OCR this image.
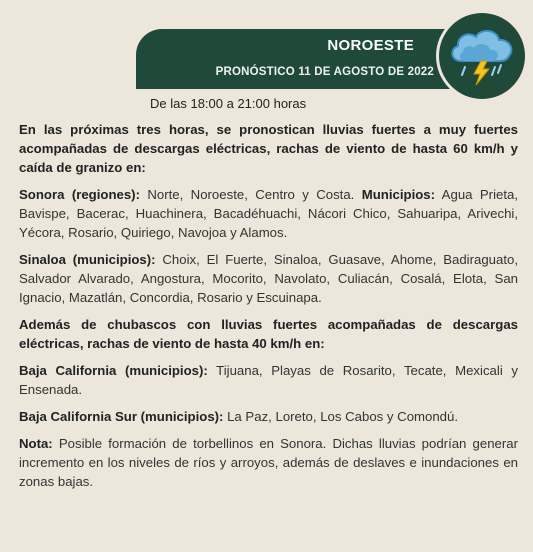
NOROESTE
PRONÓSTICO 11 DE AGOSTO DE 2022
De las 18:00 a 21:00 horas

En las próximas tres horas, se pronostican lluvias fuertes a muy fuertes acompañadas de descargas eléctricas, rachas de viento de hasta 60 km/h y caída de granizo en:

Sonora (regiones): Norte, Noroeste, Centro y Costa. Municipios: Agua Prieta, Bavispe, Bacerac, Huachinera, Bacadéhuachi, Nácori Chico, Sahuaripa, Arivechi, Yécora, Rosario, Quiriego, Navojoa y Alamos.

Sinaloa (municipios): Choix, El Fuerte, Sinaloa, Guasave, Ahome, Badiraguato, Salvador Alvarado, Angostura, Mocorito, Navolato, Culiacán, Cosalá, Elota, San Ignacio, Mazatlán, Concordia, Rosario y Escuinapa.

Además de chubascos con lluvias fuertes acompañadas de descargas eléctricas, rachas de viento de hasta 40 km/h en:

Baja California (municipios): Tijuana, Playas de Rosarito, Tecate, Mexicali y Ensenada.

Baja California Sur (municipios): La Paz, Loreto, Los Cabos y Comondú.

Nota: Posible formación de torbellinos en Sonora. Dichas lluvias podrían generar incremento en los niveles de ríos y arroyos, además de deslaves e inundaciones en zonas bajas.
